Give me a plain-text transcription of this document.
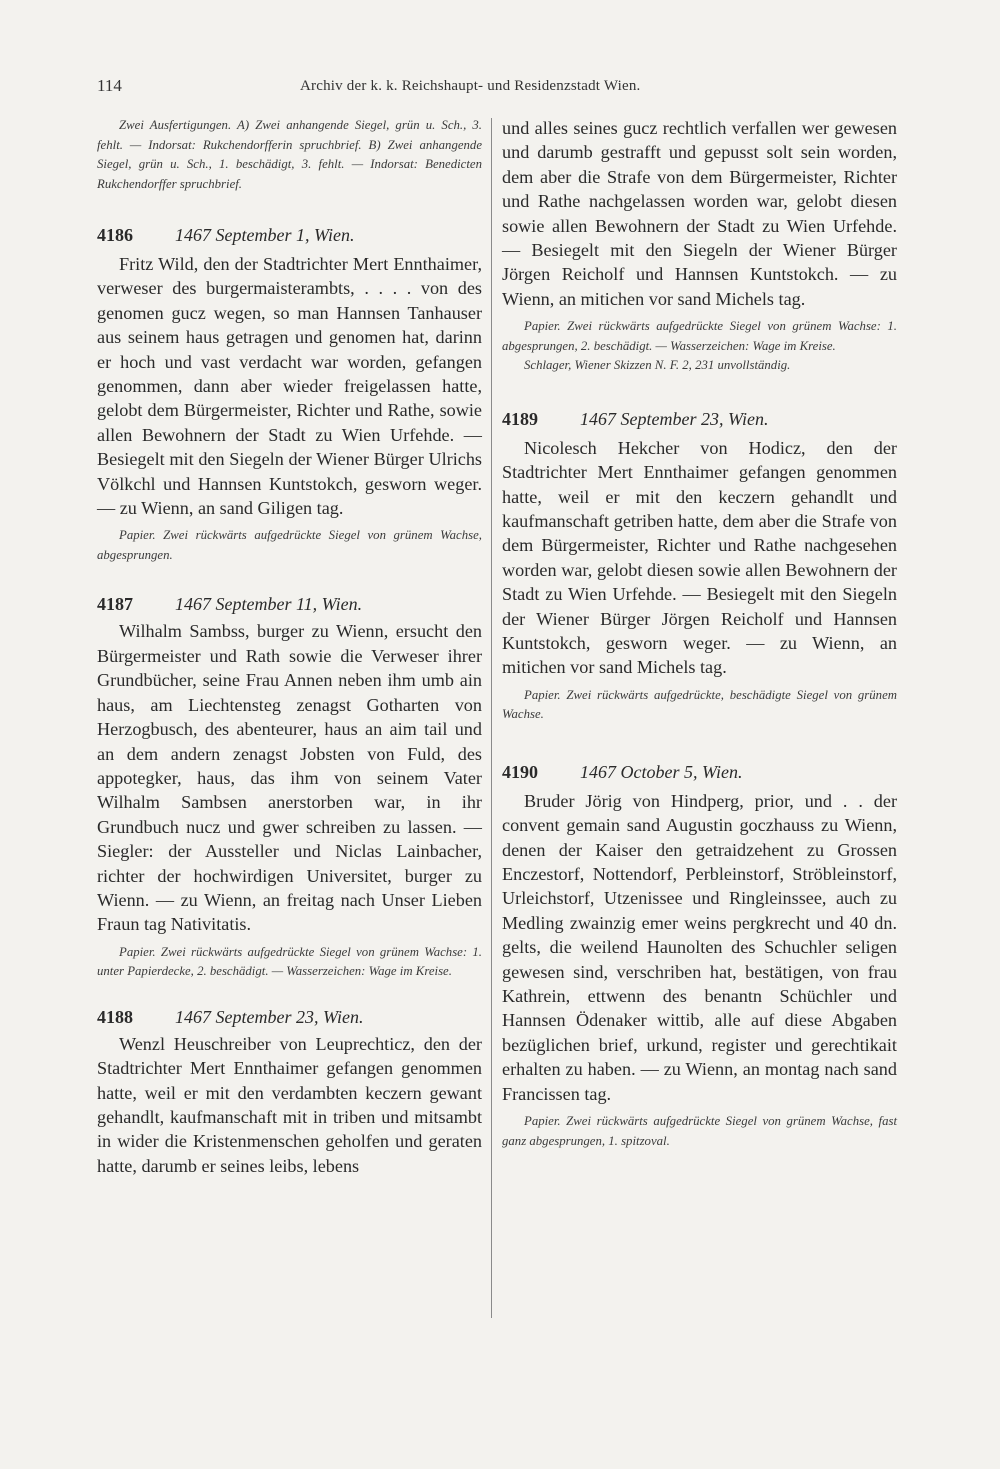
114	Archiv der k. k. Reichshaupt- und Residenzstadt Wien.

Zwei Ausfertigungen. A) Zwei anhangende Siegel, grün u. Sch., 3. fehlt. — Indorsat: Rukchendorfferin spruchbrief. B) Zwei anhangende Siegel, grün u. Sch., 1. beschädigt, 3. fehlt. — Indorsat: Benedicten Rukchendorffer spruchbrief.

4186 1467 September 1, Wien.

Fritz Wild, den der Stadtrichter Mert Ennthaimer, verweser des burgermaisterambts, . . . . von des genomen gucz wegen, so man Hannsen Tanhauser aus seinem haus getragen und genomen hat, darinn er hoch und vast verdacht war worden, gefangen genommen, dann aber wieder freigelassen hatte, gelobt dem Bürgermeister, Richter und Rathe, sowie allen Bewohnern der Stadt zu Wien Urfehde. — Besiegelt mit den Siegeln der Wiener Bürger Ulrichs Völkchl und Hannsen Kuntstokch, gesworn weger. — zu Wienn, an sand Giligen tag.

Papier. Zwei rückwärts aufgedrückte Siegel von grünem Wachse, abgesprungen.

4187 1467 September 11, Wien.

Wilhalm Sambss, burger zu Wienn, ersucht den Bürgermeister und Rath sowie die Verweser ihrer Grundbücher, seine Frau Annen neben ihm umb ain haus, am Liechtensteg zenagst Gotharten von Herzogbusch, des abenteurer, haus an aim tail und an dem andern zenagst Jobsten von Fuld, des appotegker, haus, das ihm von seinem Vater Wilhalm Sambsen anerstorben war, in ihr Grundbuch nucz und gwer schreiben zu lassen. — Siegler: der Aussteller und Niclas Lainbacher, richter der hochwirdigen Universitet, burger zu Wienn. — zu Wienn, an freitag nach Unser Lieben Fraun tag Nativitatis.

Papier. Zwei rückwärts aufgedrückte Siegel von grünem Wachse: 1. unter Papierdecke, 2. beschädigt. — Wasserzeichen: Wage im Kreise.

4188 1467 September 23, Wien.

Wenzl Heuschreiber von Leuprechticz, den der Stadtrichter Mert Ennthaimer gefangen genommen hatte, weil er mit den verdambten keczern gewant gehandlt, kaufmanschaft mit in triben und mitsambt in wider die Kristenmenschen geholfen und geraten hatte, darumb er seines leibs, lebens

und alles seines gucz rechtlich verfallen wer gewesen und darumb gestrafft und gepusst solt sein worden, dem aber die Strafe von dem Bürgermeister, Richter und Rathe nachgelassen worden war, gelobt diesen sowie allen Bewohnern der Stadt zu Wien Urfehde. — Besiegelt mit den Siegeln der Wiener Bürger Jörgen Reicholf und Hannsen Kuntstokch. — zu Wienn, an mitichen vor sand Michels tag.

Papier. Zwei rückwärts aufgedrückte Siegel von grünem Wachse: 1. abgesprungen, 2. beschädigt. — Wasserzeichen: Wage im Kreise.

Schlager, Wiener Skizzen N. F. 2, 231 unvollständig.

4189 1467 September 23, Wien.

Nicolesch Hekcher von Hodicz, den der Stadtrichter Mert Ennthaimer gefangen genommen hatte, weil er mit den keczern gehandlt und kaufmanschaft getriben hatte, dem aber die Strafe von dem Bürgermeister, Richter und Rathe nachgesehen worden war, gelobt diesen sowie allen Bewohnern der Stadt zu Wien Urfehde. — Besiegelt mit den Siegeln der Wiener Bürger Jörgen Reicholf und Hannsen Kuntstokch, gesworn weger. — zu Wienn, an mitichen vor sand Michels tag.

Papier. Zwei rückwärts aufgedrückte, beschädigte Siegel von grünem Wachse.

4190 1467 October 5, Wien.

Bruder Jörig von Hindperg, prior, und . . der convent gemain sand Augustin goczhauss zu Wienn, denen der Kaiser den getraidzehent zu Grossen Enczestorf, Nottendorf, Perbleinstorf, Ströbleinstorf, Urleichstorf, Utzenissee und Ringleinssee, auch zu Medling zwainzig emer weins pergkrecht und 40 dn. gelts, die weilend Haunolten des Schuchler seligen gewesen sind, verschriben hat, bestätigen, von frau Kathrein, ettwenn des benantn Schüchler und Hannsen Ödenaker wittib, alle auf diese Abgaben bezüglichen brief, urkund, register und gerechtikait erhalten zu haben. — zu Wienn, an montag nach sand Francissen tag.

Papier. Zwei rückwärts aufgedrückte Siegel von grünem Wachse, fast ganz abgesprungen, 1. spitzoval.
